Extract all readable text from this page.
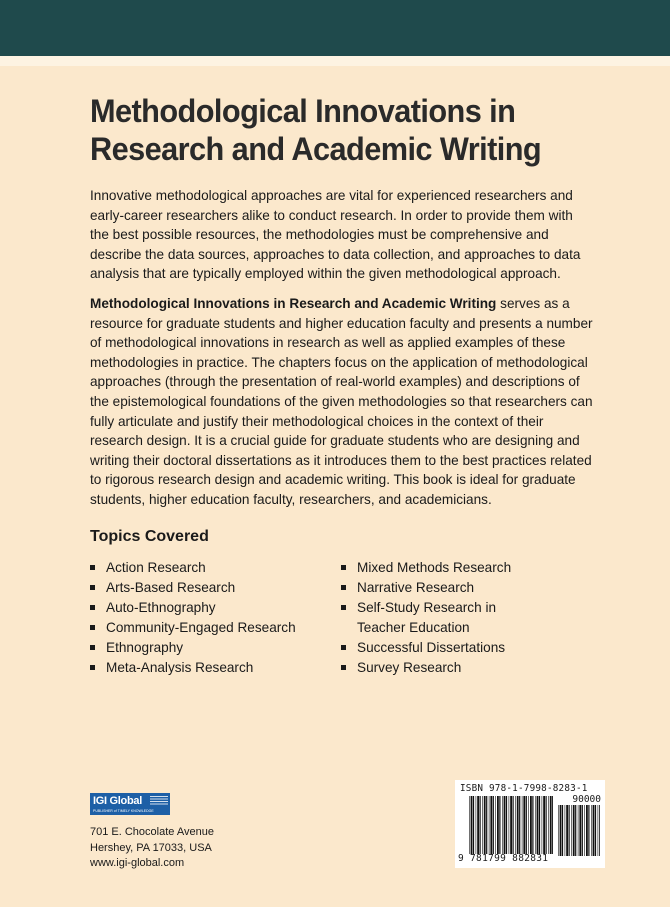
Methodological Innovations in
Research and Academic Writing

Innovative methodological approaches are vital for experienced researchers and early-career researchers alike to conduct research. In order to provide them with the best possible resources, the methodologies must be comprehensive and describe the data sources, approaches to data collection, and approaches to data analysis that are typically employed within the given methodological approach.

Methodological Innovations in Research and Academic Writing serves as a resource for graduate students and higher education faculty and presents a number of methodological innovations in research as well as applied examples of these methodologies in practice. The chapters focus on the application of methodological approaches (through the presentation of real-world examples) and descriptions of the epistemological foundations of the given methodologies so that researchers can fully articulate and justify their methodological choices in the context of their research design. It is a crucial guide for graduate students who are designing and writing their doctoral dissertations as it introduces them to the best practices related to rigorous research design and academic writing. This book is ideal for graduate students, higher education faculty, researchers, and academicians.

Topics Covered
Action Research
Arts-Based Research
Auto-Ethnography
Community-Engaged Research
Ethnography
Meta-Analysis Research
Mixed Methods Research
Narrative Research
Self-Study Research in Teacher Education
Successful Dissertations
Survey Research
IGI Global
PUBLISHER of TIMELY KNOWLEDGE
701 E. Chocolate Avenue
Hershey, PA 17033, USA
www.igi-global.com
ISBN 978-1-7998-8283-1
90000
9 781799 882831
